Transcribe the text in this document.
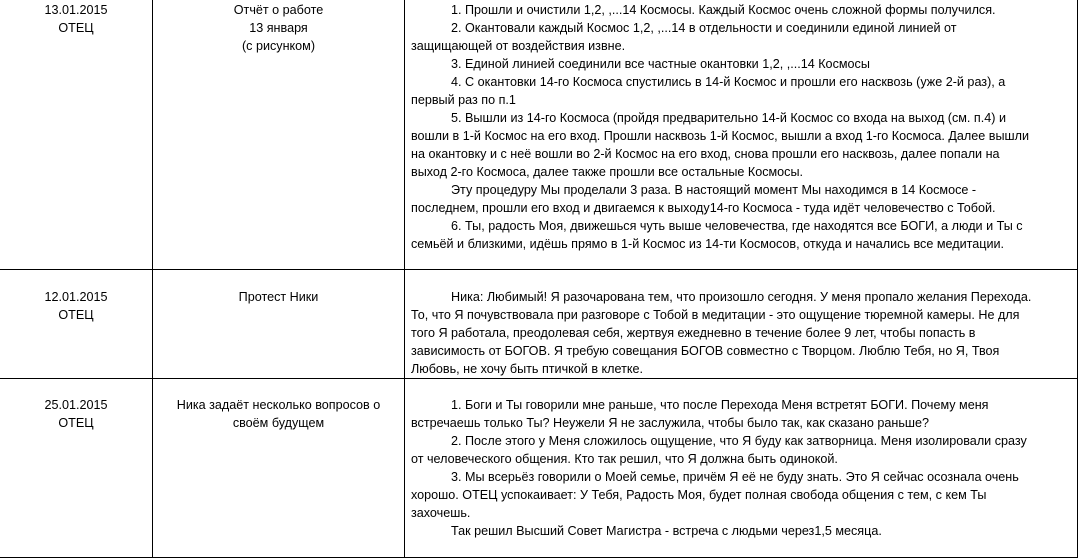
13.01.2015
ОТЕЦ
Отчёт о работе
13 января
(с рисунком)
1. Прошли и очистили 1,2, ,...14 Космосы. Каждый Космос очень сложной формы получился.
2. Окантовали каждый Космос 1,2, ,...14 в отдельности и соединили единой линией от
защищающей от воздействия извне.
3. Единой линией соединили все частные окантовки 1,2, ,...14 Космосы
4. С окантовки 14-го Космоса спустились в 14-й Космос и прошли его насквозь (уже 2-й раз), а
первый раз по п.1
5. Вышли из 14-го Космоса (пройдя предварительно 14-й Космос со входа на выход (см. п.4) и
вошли в 1-й Космос на его вход. Прошли насквозь 1-й Космос, вышли а вход 1-го Космоса. Далее вышли
на окантовку и с неё вошли во 2-й Космос на его вход, снова прошли его насквозь, далее попали на
выход 2-го Космоса, далее также прошли все остальные Космосы.
Эту процедуру Мы проделали 3 раза. В настоящий момент Мы находимся в 14 Космосе -
последнем, прошли его вход и двигаемся к выходу14-го Космоса - туда идёт человечество с Тобой.
6. Ты, радость Моя, движешься чуть выше человечества, где находятся все БОГИ, а люди и Ты с
семьёй и близкими, идёшь прямо в 1-й Космос из 14-ти Космосов, откуда и начались все медитации.
12.01.2015
ОТЕЦ
Протест Ники	Ника: Любимый! Я разочарована тем, что произошло сегодня. У меня пропало желания Перехода.
То, что Я почувствовала при разговоре с Тобой в медитации - это ощущение тюремной камеры. Не для
того Я работала, преодолевая себя, жертвуя ежедневно в течение более 9 лет, чтобы попасть в
зависимость от БОГОВ. Я требую совещания БОГОВ совместно с Творцом. Люблю Тебя, но Я, Твоя
Любовь, не хочу быть птичкой в клетке.
25.01.2015
ОТЕЦ
Ника задаёт несколько вопросов о
своём будущем
1. Боги и Ты говорили мне раньше, что после Перехода Меня встретят БОГИ. Почему меня
встречаешь только Ты? Неужели Я не заслужила, чтобы было так, как сказано раньше?
2. После этого у Меня сложилось ощущение, что Я буду как затворница. Меня изолировали сразу
от человеческого общения. Кто так решил, что Я должна быть одинокой.
3. Мы всерьёз говорили о Моей семье, причём Я её не буду знать. Это Я сейчас осознала очень
хорошо. ОТЕЦ успокаивает: У Тебя, Радость Моя, будет полная свобода общения с тем, с кем Ты
захочешь.
Так решил Высший Совет Магистра - встреча с людьми через1,5 месяца.
